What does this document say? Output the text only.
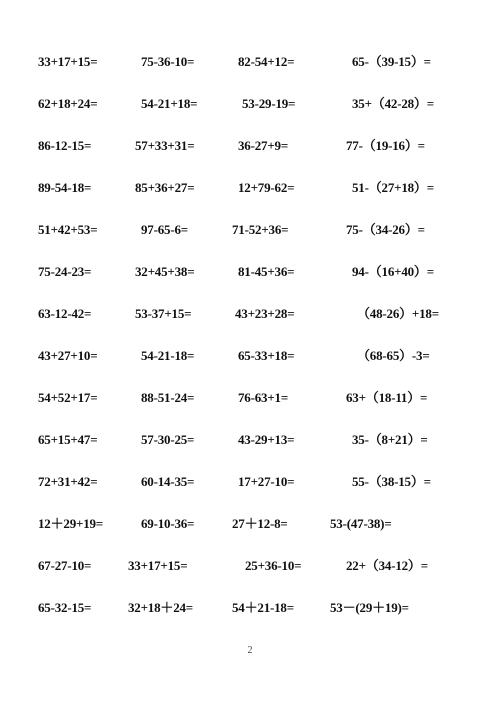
33+17+15=	75-36-10=	82-54+12=	65-（39-15）=
62+18+24=	54-21+18=	53-29-19=	35+（42-28）=
86-12-15=	57+33+31=	36-27+9=	77-（19-16）=
89-54-18=	85+36+27=	12+79-62=	51-（27+18）=
51+42+53=	97-65-6=	71-52+36=	75-（34-26）=
75-24-23=	32+45+38=	81-45+36=	94-（16+40）=
63-12-42=	53-37+15=	43+23+28=	（48-26）+18=
43+27+10=	54-21-18=	65-33+18=	（68-65）-3=
54+52+17=	88-51-24=	76-63+1=	63+（18-11）=
65+15+47=	57-30-25=	43-29+13=	35-（8+21）=
72+31+42=	60-14-35=	17+27-10=	55-（38-15）=
12＋29+19=	69-10-36=	27＋12-8=	53-(47-38)=
67-27-10=	33+17+15=	25+36-10=	22+（34-12）=
65-32-15=	32+18＋24=	54＋21-18=	53－(29＋19)=
2
